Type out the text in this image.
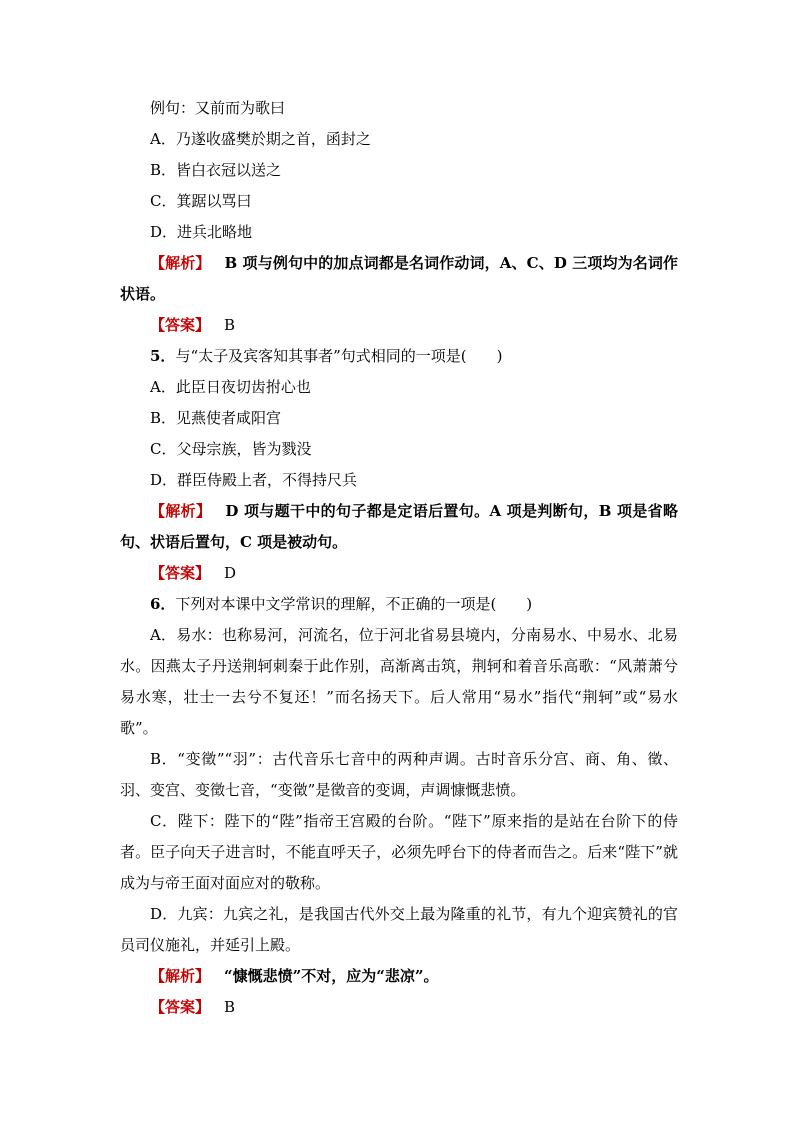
例句：又前而为歌曰
A．乃遂收盛樊於期之首，函封之
B．皆白衣冠以送之
C．箕踞以骂曰
D．进兵北略地
【解析】 B 项与例句中的加点词都是名词作动词，A、C、D 三项均为名词作状语。
【答案】 B
5．与“太子及宾客知其事者”句式相同的一项是(　　)
A．此臣日夜切齿拊心也
B．见燕使者咸阳宫
C．父母宗族，皆为戮没
D．群臣侍殿上者，不得持尺兵
【解析】 D 项与题干中的句子都是定语后置句。A 项是判断句，B 项是省略句、状语后置句，C 项是被动句。
【答案】 D
6．下列对本课中文学常识的理解，不正确的一项是(　　)
A．易水：也称易河，河流名，位于河北省易县境内，分南易水、中易水、北易水。因燕太子丹送荆轲刺秦于此作别，高渐离击筑，荆轲和着音乐高歌：“风萧萧兮易水寒，壮士一去兮不复还！”而名扬天下。后人常用“易水”指代“荆轲”或“易水歌”。
B．“变徵”“羽”：古代音乐七音中的两种声调。古时音乐分宫、商、角、徵、羽、变宫、变徵七音，“变徵”是徵音的变调，声调慷慨悲愤。
C．陛下：陛下的“陛”指帝王宫殿的台阶。“陛下”原来指的是站在台阶下的侍者。臣子向天子进言时，不能直呼天子，必须先呼台下的侍者而告之。后来“陛下”就成为与帝王面对面应对的敬称。
D．九宾：九宾之礼，是我国古代外交上最为隆重的礼节，有九个迎宾赞礼的官员司仪施礼，并延引上殿。
【解析】 “慷慨悲愤”不对，应为“悲凉”。
【答案】 B
